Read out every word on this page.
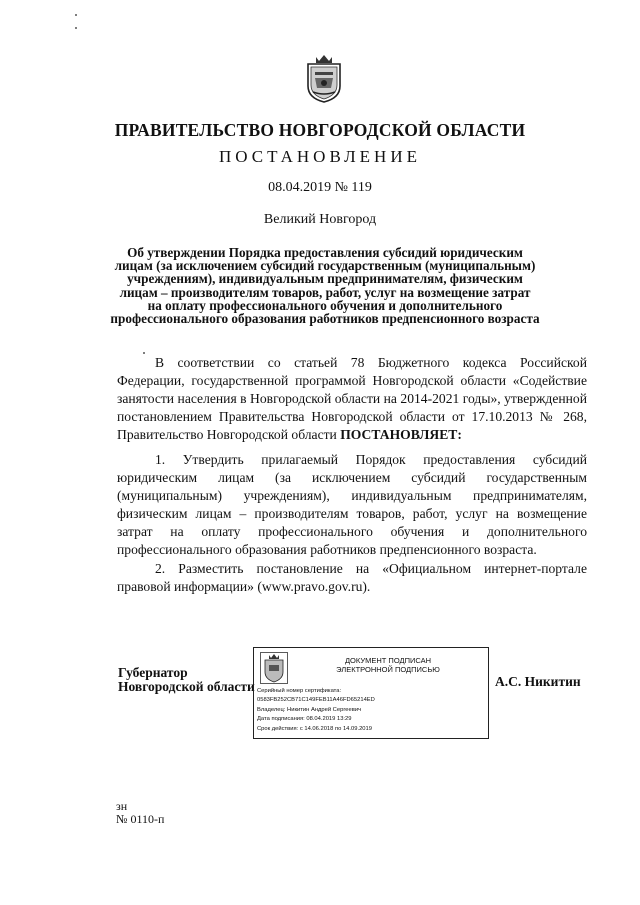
ПРАВИТЕЛЬСТВО НОВГОРОДСКОЙ ОБЛАСТИ
ПОСТАНОВЛЕНИЕ
08.04.2019 № 119
Великий Новгород
Об утверждении Порядка предоставления субсидий юридическим
лицам (за исключением субсидий государственным (муниципальным)
учреждениям), индивидуальным предпринимателям, физическим
лицам – производителям товаров, работ, услуг на возмещение затрат
на оплату профессионального обучения и дополнительного
профессионального образования работников предпенсионного возраста
В соответствии со статьей 78 Бюджетного кодекса Российской Федерации, государственной программой Новгородской области «Содействие занятости населения в Новгородской области на 2014-2021 годы», утвержденной постановлением Правительства Новгородской области от 17.10.2013 № 268, Правительство Новгородской области ПОСТАНОВЛЯЕТ:
1. Утвердить прилагаемый Порядок предоставления субсидий юридическим лицам (за исключением субсидий государственным (муниципальным) учреждениям), индивидуальным предпринимателям, физическим лицам – производителям товаров, работ, услуг на возмещение затрат на оплату профессионального обучения и дополнительного профессионального образования работников предпенсионного возраста.
2. Разместить постановление на «Официальном интернет-портале правовой информации» (www.pravo.gov.ru).
Губернатор
Новгородской области
ДОКУМЕНТ ПОДПИСАН
ЭЛЕКТРОННОЙ ПОДПИСЬЮ
Серийный номер сертификата:
0583FB252CB71C149FEB11A46FD65214ED
Владелец: Никитин Андрей Сергеевич
Дата подписания: 08.04.2019 13:29
Срок действия: с 14.06.2018 по 14.09.2019
А.С. Никитин
зн
№ 0110-п
